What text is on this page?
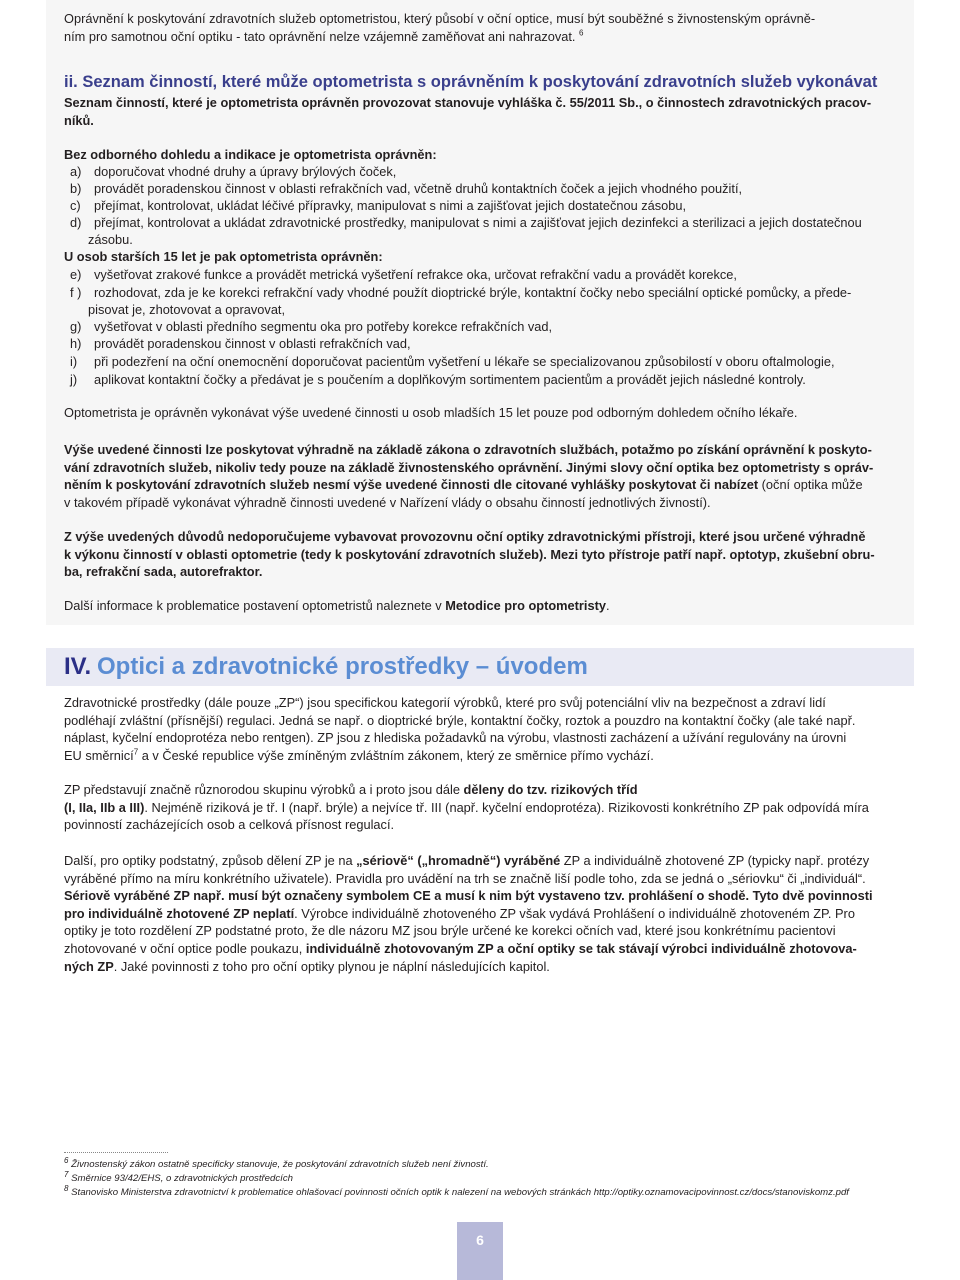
Oprávnění k poskytování zdravotních služeb optometristou, který působí v oční optice, musí být souběžné s živnostenským oprávně-
ním pro samotnou oční optiku - tato oprávnění nelze vzájemně zaměňovat ani nahrazovat. $^6$

ii. Seznam činností, které může optometrista s oprávněním k poskytování zdravotních služeb vykonávat

Seznam činností, které je optometrista oprávněn provozovat stanovuje vyhláška č. 55/2011 Sb., o činnostech zdravotnických pracov-
níků.

Bez odborného dohledu a indikace je optometrista oprávněn:

a) doporučovat vhodné druhy a úpravy brýlových čoček,

b) provádět poradenskou činnost v oblasti refrakčních vad, včetně druhů kontaktních čoček a jejich vhodného použití,

c) přejímat, kontrolovat, ukládat léčivé přípravky, manipulovat s nimi a zajišťovat jejich dostatečnou zásobu,

d) přejímat, kontrolovat a ukládat zdravotnické prostředky, manipulovat s nimi a zajišťovat jejich dezinfekci a sterilizaci a jejich dostatečnou

zásobu.

U osob starších 15 let je pak optometrista oprávněn:

e) vyšetřovat zrakové funkce a provádět metrická vyšetření refrakce oka, určovat refrakční vadu a provádět korekce,

f ) rozhodovat, zda je ke korekci refrakční vady vhodné použít dioptrické brýle, kontaktní čočky nebo speciální optické pomůcky, a přede-

pisovat je, zhotovovat a opravovat,

g) vyšetřovat v oblasti předního segmentu oka pro potřeby korekce refrakčních vad,

h) provádět poradenskou činnost v oblasti refrakčních vad,

i) při podezření na oční onemocnění doporučovat pacientům vyšetření u lékaře se specializovanou způsobilostí v oboru oftalmologie,

j) aplikovat kontaktní čočky a předávat je s poučením a doplňkovým sortimentem pacientům a provádět jejich následné kontroly.

Optometrista je oprávněn vykonávat výše uvedené činnosti u osob mladších 15 let pouze pod odborným dohledem očního lékaře.

Výše uvedené činnosti lze poskytovat výhradně na základě zákona o zdravotních službách, potažmo po získání oprávnění k poskyto-
vání zdravotních služeb, nikoliv tedy pouze na základě živnostenského oprávnění. Jinými slovy oční optika bez optometristy s opráv-
něním k poskytování zdravotních služeb nesmí výše uvedené činnosti dle citované vyhlášky poskytovat či nabízet (oční optika může
v takovém případě vykonávat výhradně činnosti uvedené v Nařízení vlády o obsahu činností jednotlivých živností).

Z výše uvedených důvodů nedoporučujeme vybavovat provozovnu oční optiky zdravotnickými přístroji, které jsou určené výhradně
k výkonu činností v oblasti optometrie (tedy k poskytování zdravotních služeb). Mezi tyto přístroje patří např. optotyp, zkušební obru-
ba, refrakční sada, autorefraktor.

Další informace k problematice postavení optometristů naleznete v Metodice pro optometristy.

IV. Optici a zdravotnické prostředky – úvodem

Zdravotnické prostředky (dále pouze „ZP“) jsou specifickou kategorií výrobků, které pro svůj potenciální vliv na bezpečnost a zdraví lidí
podléhají zvláštní (přísnější) regulaci. Jedná se např. o dioptrické brýle, kontaktní čočky, roztok a pouzdro na kontaktní čočky (ale také např.
náplast, kyčelní endoprotéza nebo rentgen). ZP jsou z hlediska požadavků na výrobu, vlastnosti zacházení a užívání regulovány na úrovni
EU směrnicí$^7$ a v České republice výše zmíněným zvláštním zákonem, který ze směrnice přímo vychází.

ZP představují značně různorodou skupinu výrobků a i proto jsou dále děleny do tzv. rizikových tříd
(I, IIa, IIb a III). Nejméně riziková je tř. I (např. brýle) a nejvíce tř. III (např. kyčelní endoprotéza). Rizikovosti konkrétního ZP pak odpovídá míra
povinností zacházejících osob a celková přísnost regulací.

Další, pro optiky podstatný, způsob dělení ZP je na „sériově“ („hromadně“) vyráběné ZP a individuálně zhotovené ZP (typicky např. protézy
vyráběné přímo na míru konkrétního uživatele). Pravidla pro uvádění na trh se značně liší podle toho, zda se jedná o „sériovku“ či „individuál“.
Sériově vyráběné ZP např. musí být označeny symbolem CE a musí k nim být vystaveno tzv. prohlášení o shodě. Tyto dvě povinnosti
pro individuálně zhotovené ZP neplatí. Výrobce individuálně zhotoveného ZP však vydává Prohlášení o individuálně zhotoveném ZP. Pro
optiky je toto rozdělení ZP podstatné proto, že dle názoru MZ jsou brýle určené ke korekci očních vad, které jsou konkrétnímu pacientovi
zhotovované v oční optice podle poukazu, individuálně zhotovovaným ZP a oční optiky se tak stávají výrobci individuálně zhotovova-
ných ZP. Jaké povinnosti z toho pro oční optiky plynou je náplní následujících kapitol.

$^6$ Živnostenský zákon ostatně specificky stanovuje, že poskytování zdravotních služeb není živností.

$^7$ Směrnice 93/42/EHS, o zdravotnických prostředcích

$^8$ Stanovisko Ministerstva zdravotnictví k problematice ohlašovací povinnosti očních optik k nalezení na webových stránkách http://optiky.oznamovacipovinnost.cz/docs/stanoviskomz.pdf

6
